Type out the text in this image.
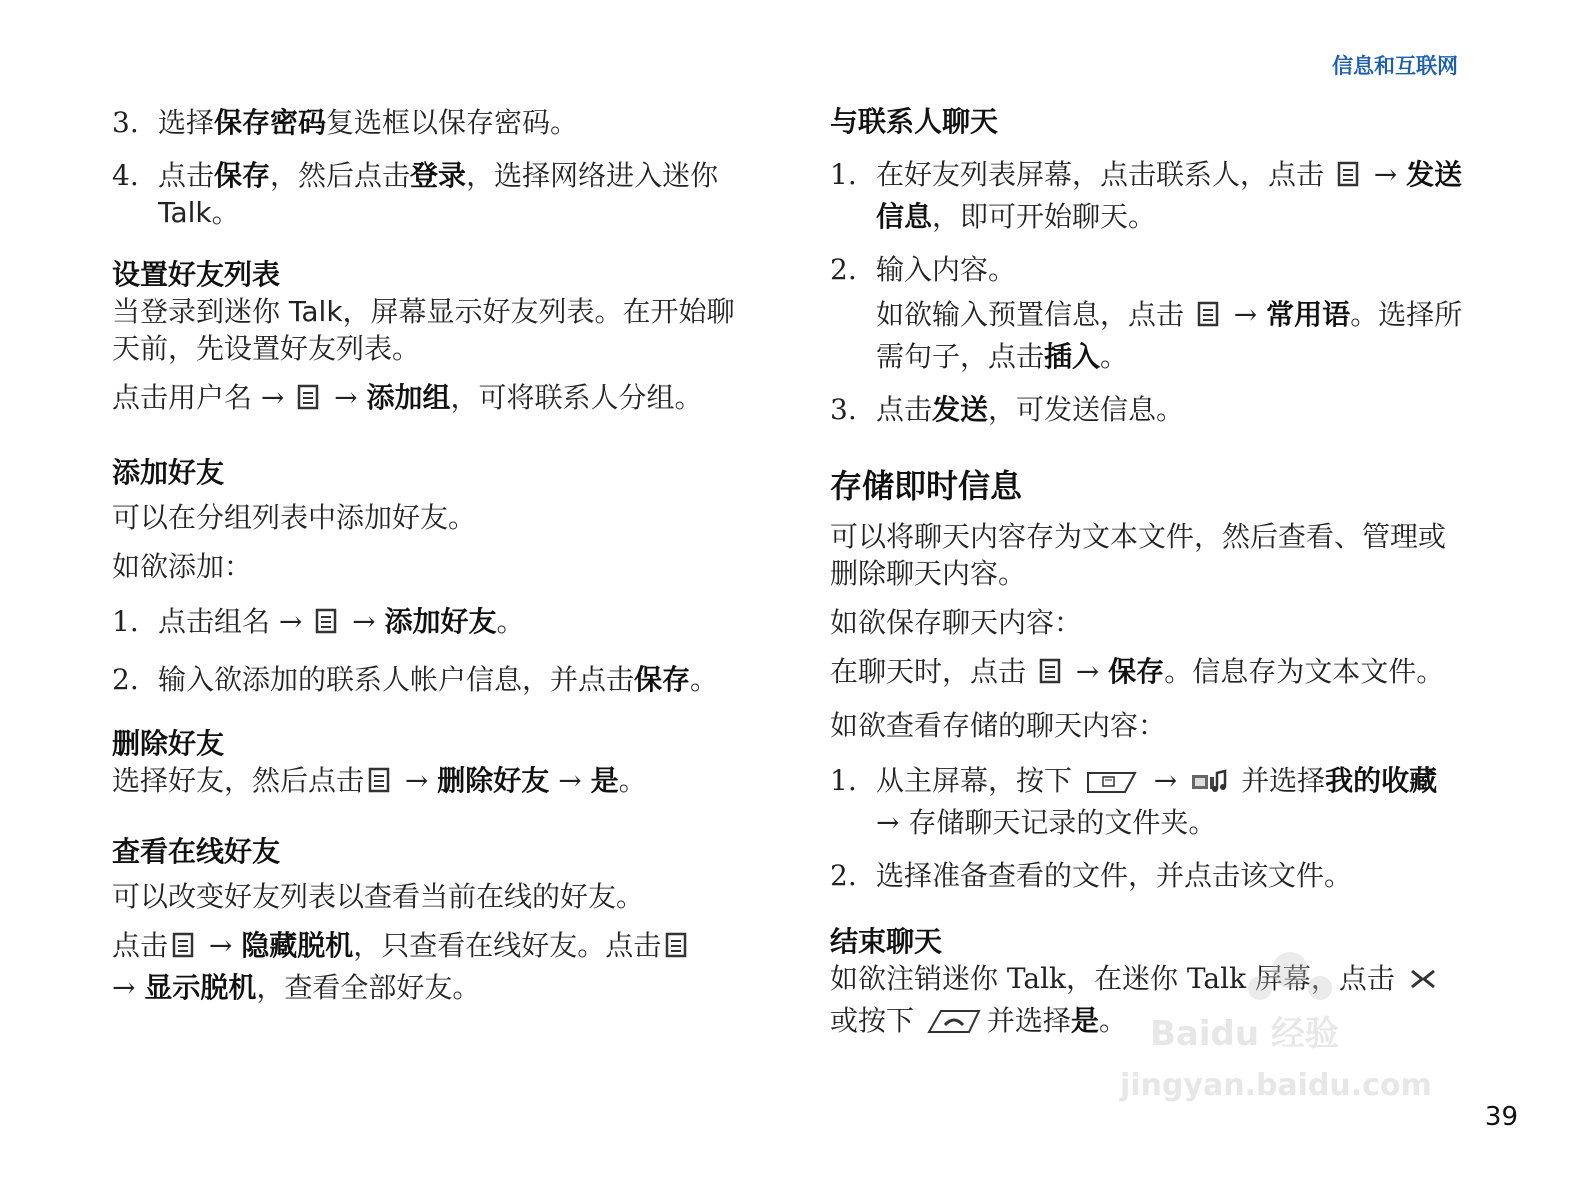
信息和互联网
3. 选择保存密码复选框以保存密码。
4. 点击保存，然后点击登录，选择网络进入迷你 Talk。
设置好友列表

当登录到迷你 Talk，屏幕显示好友列表。在开始聊天前，先设置好友列表。

点击用户名 →  → 添加组，可将联系人分组。

添加好友

可以在分组列表中添加好友。

如欲添加：

1. 点击组名 →  → 添加好友。
2. 输入欲添加的联系人帐户信息，并点击保存。
删除好友

选择好友，然后点击 → 删除好友 → 是。

查看在线好友

可以改变好友列表以查看当前在线的好友。

点击 → 隐藏脱机，只查看在线好友。点击
→ 显示脱机，查看全部好友。

与联系人聊天
1. 在好友列表屏幕，点击联系人，点击  → 发送信息，即可开始聊天。
2. 输入内容。

如欲输入预置信息，点击  → 常用语。选择所需句子，点击插入。

3. 点击发送，可发送信息。
存储即时信息

可以将聊天内容存为文本文件，然后查看、管理或删除聊天内容。

如欲保存聊天内容：

在聊天时，点击  → 保存。信息存为文本文件。

如欲查看存储的聊天内容：

1. 从主屏幕，按下  →  并选择我的收藏
→ 存储聊天记录的文件夹。
2. 选择准备查看的文件，并点击该文件。
结束聊天

如欲注销迷你 Talk，在迷你 Talk 屏幕，点击
或按下 并选择是。 Baidu 经验
jingyan.baidu.com
39
